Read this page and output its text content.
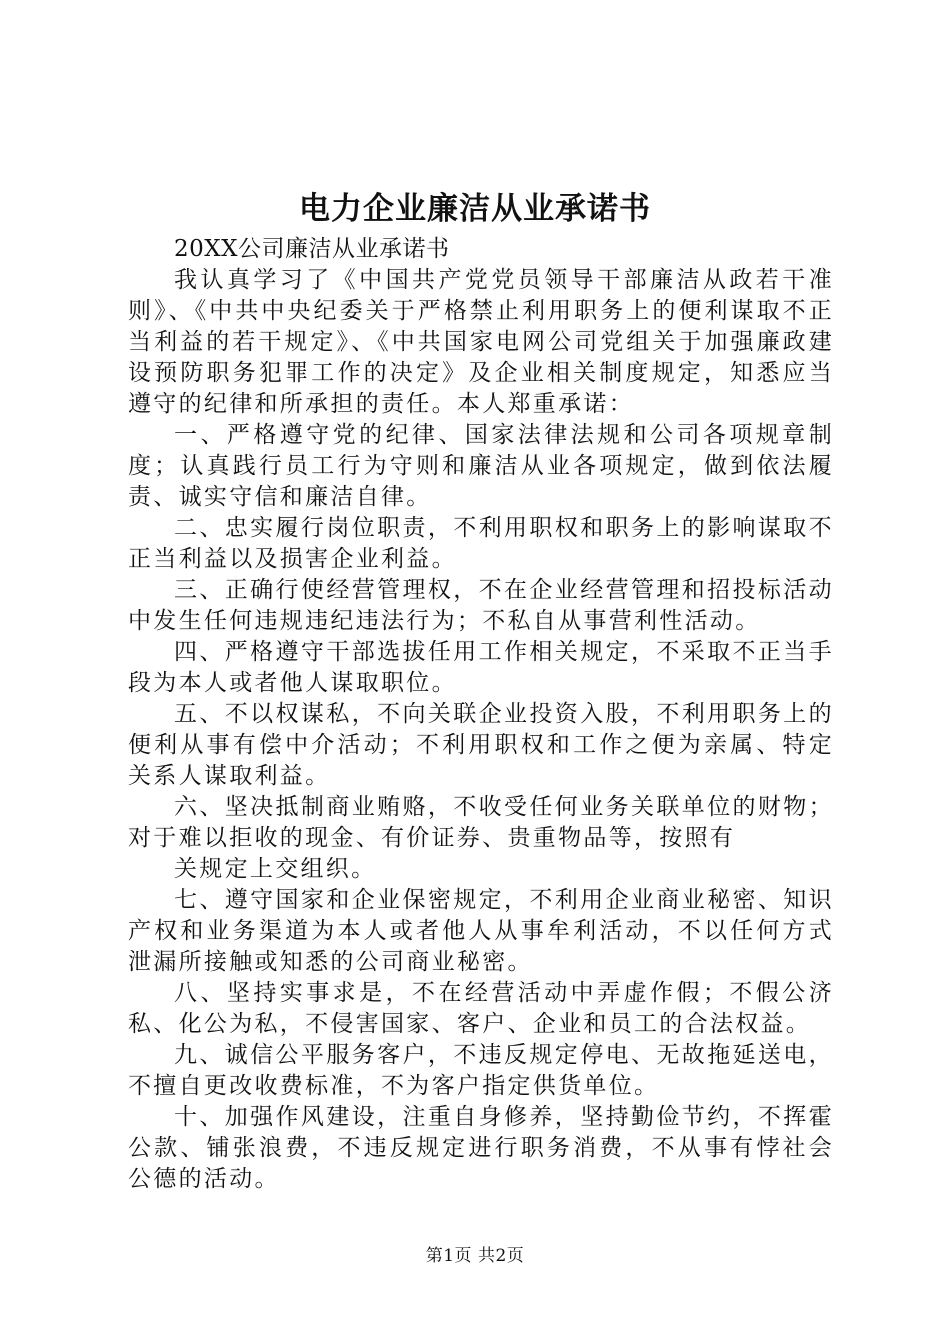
电力企业廉洁从业承诺书

20XX公司廉洁从业承诺书

我认真学习了《中国共产党党员领导干部廉洁从政若干准则》、《中共中央纪委关于严格禁止利用职务上的便利谋取不正当利益的若干规定》、《中共国家电网公司党组关于加强廉政建设预防职务犯罪工作的决定》及企业相关制度规定，知悉应当遵守的纪律和所承担的责任。本人郑重承诺：

一、严格遵守党的纪律、国家法律法规和公司各项规章制度；认真践行员工行为守则和廉洁从业各项规定，做到依法履责、诚实守信和廉洁自律。

二、忠实履行岗位职责，不利用职权和职务上的影响谋取不正当利益以及损害企业利益。

三、正确行使经营管理权，不在企业经营管理和招投标活动中发生任何违规违纪违法行为；不私自从事营利性活动。

四、严格遵守干部选拔任用工作相关规定，不采取不正当手段为本人或者他人谋取职位。

五、不以权谋私，不向关联企业投资入股，不利用职务上的便利从事有偿中介活动；不利用职权和工作之便为亲属、特定关系人谋取利益。

六、坚决抵制商业贿赂，不收受任何业务关联单位的财物；对于难以拒收的现金、有价证券、贵重物品等，按照有

关规定上交组织。

七、遵守国家和企业保密规定，不利用企业商业秘密、知识产权和业务渠道为本人或者他人从事牟利活动，不以任何方式泄漏所接触或知悉的公司商业秘密。

八、坚持实事求是，不在经营活动中弄虚作假；不假公济私、化公为私，不侵害国家、客户、企业和员工的合法权益。

九、诚信公平服务客户，不违反规定停电、无故拖延送电，不擅自更改收费标准，不为客户指定供货单位。

十、加强作风建设，注重自身修养，坚持勤俭节约，不挥霍公款、铺张浪费，不违反规定进行职务消费，不从事有悖社会公德的活动。

第1页 共2页
